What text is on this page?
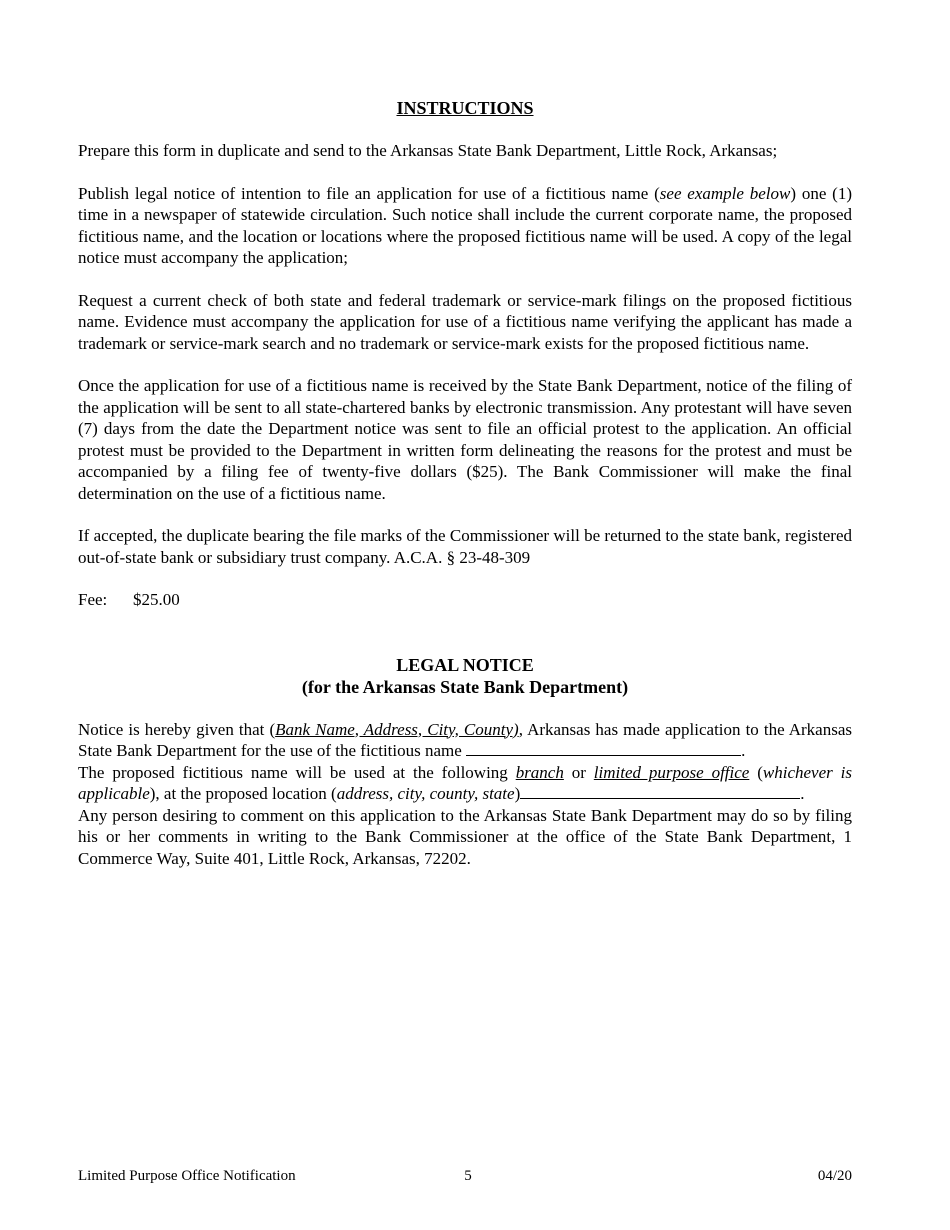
INSTRUCTIONS

Prepare this form in duplicate and send to the Arkansas State Bank Department, Little Rock, Arkansas;

Publish legal notice of intention to file an application for use of a fictitious name (see example below) one (1) time in a newspaper of statewide circulation. Such notice shall include the current corporate name, the proposed fictitious name, and the location or locations where the proposed fictitious name will be used. A copy of the legal notice must accompany the application;

Request a current check of both state and federal trademark or service-mark filings on the proposed fictitious name. Evidence must accompany the application for use of a fictitious name verifying the applicant has made a trademark or service-mark search and no trademark or service-mark exists for the proposed fictitious name.

Once the application for use of a fictitious name is received by the State Bank Department, notice of the filing of the application will be sent to all state-chartered banks by electronic transmission. Any protestant will have seven (7) days from the date the Department notice was sent to file an official protest to the application. An official protest must be provided to the Department in written form delineating the reasons for the protest and must be accompanied by a filing fee of twenty-five dollars ($25). The Bank Commissioner will make the final determination on the use of a fictitious name.

If accepted, the duplicate bearing the file marks of the Commissioner will be returned to the state bank, registered out-of-state bank or subsidiary trust company. A.C.A. § 23-48-309

Fee: $25.00

LEGAL NOTICE
(for the Arkansas State Bank Department)

Notice is hereby given that (Bank Name, Address, City, County), Arkansas has made application to the Arkansas State Bank Department for the use of the fictitious name	.

The proposed fictitious name will be used at the following branch or limited purpose office (whichever is applicable), at the proposed location (address, city, county, state)	.

Any person desiring to comment on this application to the Arkansas State Bank Department may do so by filing his or her comments in writing to the Bank Commissioner at the office of the State Bank Department, 1 Commerce Way, Suite 401, Little Rock, Arkansas, 72202.

Limited Purpose Office Notification	5	04/20
